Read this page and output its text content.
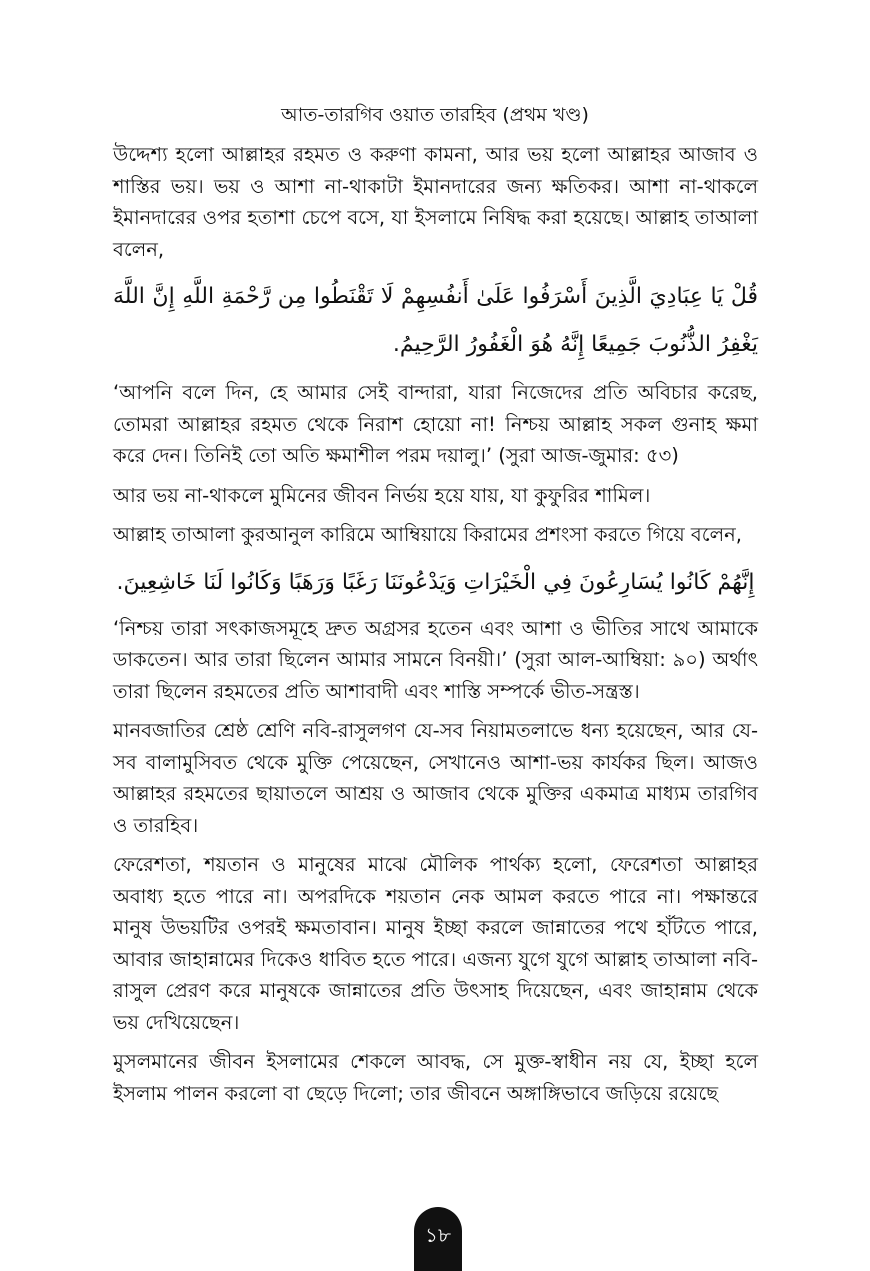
আত-তারগিব ওয়াত তারহিব (প্রথম খণ্ড)

উদ্দেশ্য হলো আল্লাহর রহমত ও করুণা কামনা, আর ভয় হলো আল্লাহর আজাব ও শাস্তির ভয়। ভয় ও আশা না-থাকাটা ইমানদারের জন্য ক্ষতিকর। আশা না-থাকলে ইমানদারের ওপর হতাশা চেপে বসে, যা ইসলামে নিষিদ্ধ করা হয়েছে। আল্লাহ তাআলা বলেন,

قُلْ يَا عِبَادِيَ الَّذِينَ أَسْرَفُوا عَلَىٰ أَنفُسِهِمْ لَا تَقْنَطُوا مِن رَّحْمَةِ اللَّهِ إِنَّ اللَّهَ يَغْفِرُ الذُّنُوبَ جَمِيعًا إِنَّهُ هُوَ الْغَفُورُ الرَّحِيمُ.

‘আপনি বলে দিন, হে আমার সেই বান্দারা, যারা নিজেদের প্রতি অবিচার করেছ, তোমরা আল্লাহর রহমত থেকে নিরাশ হোয়ো না! নিশ্চয় আল্লাহ সকল গুনাহ ক্ষমা করে দেন। তিনিই তো অতি ক্ষমাশীল পরম দয়ালু।’ (সুরা আজ-জুমার: ৫৩)

আর ভয় না-থাকলে মুমিনের জীবন নির্ভয় হয়ে যায়, যা কুফুরির শামিল।

আল্লাহ তাআলা কুরআনুল কারিমে আম্বিয়ায়ে কিরামের প্রশংসা করতে গিয়ে বলেন,

إِنَّهُمْ كَانُوا يُسَارِعُونَ فِي الْخَيْرَاتِ وَيَدْعُونَنَا رَغَبًا وَرَهَبًا وَكَانُوا لَنَا خَاشِعِينَ.

‘নিশ্চয় তারা সৎকাজসমূহে দ্রুত অগ্রসর হতেন এবং আশা ও ভীতির সাথে আমাকে ডাকতেন। আর তারা ছিলেন আমার সামনে বিনয়ী।’ (সুরা আল-আম্বিয়া: ৯০) অর্থাৎ তারা ছিলেন রহমতের প্রতি আশাবাদী এবং শাস্তি সম্পর্কে ভীত-সন্ত্রস্ত।

মানবজাতির শ্রেষ্ঠ শ্রেণি নবি-রাসুলগণ যে-সব নিয়ামতলাভে ধন্য হয়েছেন, আর যে-সব বালামুসিবত থেকে মুক্তি পেয়েছেন, সেখানেও আশা-ভয় কার্যকর ছিল। আজও আল্লাহর রহমতের ছায়াতলে আশ্রয় ও আজাব থেকে মুক্তির একমাত্র মাধ্যম তারগিব ও তারহিব।

ফেরেশতা, শয়তান ও মানুষের মাঝে মৌলিক পার্থক্য হলো, ফেরেশতা আল্লাহর অবাধ্য হতে পারে না। অপরদিকে শয়তান নেক আমল করতে পারে না। পক্ষান্তরে মানুষ উভয়টির ওপরই ক্ষমতাবান। মানুষ ইচ্ছা করলে জান্নাতের পথে হাঁটতে পারে, আবার জাহান্নামের দিকেও ধাবিত হতে পারে। এজন্য যুগে যুগে আল্লাহ তাআলা নবি-রাসুল প্রেরণ করে মানুষকে জান্নাতের প্রতি উৎসাহ দিয়েছেন, এবং জাহান্নাম থেকে ভয় দেখিয়েছেন।

মুসলমানের জীবন ইসলামের শেকলে আবদ্ধ, সে মুক্ত-স্বাধীন নয় যে, ইচ্ছা হলে ইসলাম পালন করলো বা ছেড়ে দিলো; তার জীবনে অঙ্গাঙ্গিভাবে জড়িয়ে রয়েছে

১৮
